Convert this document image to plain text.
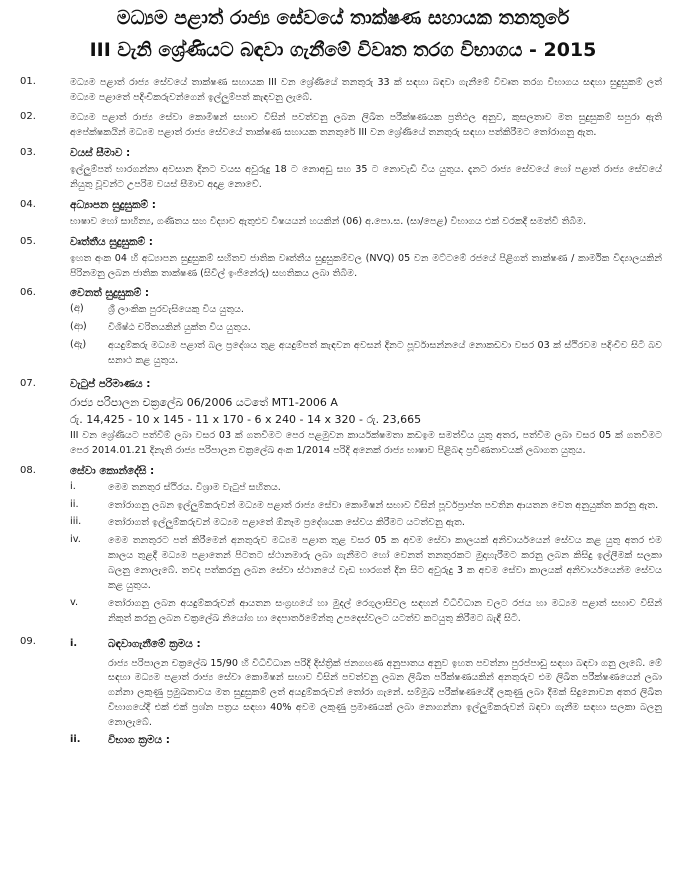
මධ්‍යම පළාත් රාජ්‍ය සේවයේ තාක්ෂණ සහායක තනතුරේ
III වැනි ශ්‍රේණියට බඳවා ගැනීමේ විවෘත තරග විභාගය - 2015
01.	මධ්‍යම පළාත් රාජ්‍ය සේවයේ තාක්ෂණ සහායක III වන ශ්‍රේණියේ තනතුරු 33 ක් සඳහා බඳවා ගැනීමේ විවෘත තරග විභාගය සඳහා සුදුසුකම් ලත් මධ්‍යම පළාතේ පදිංචිකරුවන්ගෙන් ඉල්ලුම්පත් කැඳවනු ලැබේ.
02.	මධ්‍යම පළාත් රාජ්‍ය සේවා කොමිෂන් සභාව විසින් පවත්වනු ලබන ලිඛිත පරීක්ෂණයක ප්‍රතිඵල අනුව, කුසලතාව මත සුදුසුකම් සපුරා ඇති අපේක්ෂකයින් මධ්‍යම පළාත් රාජ්‍ය සේවයේ තාක්ෂණ සහායක තනතුරේ III වන ශ්‍රේණියේ තනතුරු සඳහා පත්කිරීමට තෝරාගනු ඇත.
03.	වයස් සීමාව :
ඉල්ලුම්පත් භාරගන්නා අවසාන දිනට වයස අවුරුදු 18 ට නොඅඩු සහ 35 ට නොවැඩි විය යුතුය. දැනට රාජ්‍ය සේවයේ හෝ පළාත් රාජ්‍ය සේවයේ නියුතු වූවන්ට උපරිම වයස් සීමාව අදාළ නොවේ.
04.	අධ්‍යාපන සුදුසුකම් :
භාෂාව හෝ සාහිත්‍ය, ගණිතය සහ විද්‍යාව ඇතුළුව විෂයයන් හයකින් (06) අ.පො.ස. (සා/පෙළ) විභාගය එක් වරකදී සමත්වී තිබීම.
05.	වෘත්තීය සුදුසුකම් :
ඉහත අංක 04 හි අධ්‍යාපන සුදුසුකම් සහිතව ජාතික වෘත්තීය සුදුසුකම්වල (NVQ) 05 වන මට්ටමේ රජයේ පිළිගත් තාක්ෂණ / කාර්මික විද්‍යාලයකින් පිරිනමනු ලබන ජාතික තාක්ෂණ (සිවිල් ඉංජිනේරු) සහතිකය ලබා තිබීම.
06.	වෙනත් සුදුසුකම් :
(අ)	ශ්‍රී ලාංකික පුරවැසියෙකු විය යුතුය.
(ආ)	විශිෂ්ඨ චරිතයකින් යුක්ත විය යුතුය.
(ඇ)	අයදුම්කරු මධ්‍යම පළාත් බල ප්‍රදේශය තුළ අයදුම්පත් කැඳවන අවසන් දිනට පූර්වාසන්නයේ නොකඩවා වසර 03 ක් ස්ථිරවම පදිංචිව සිටි බව සනාථ කළ යුතුය.
07.	වැටුප් පරිමාණය :
රාජ්‍ය පරිපාලන චක්‍රලේඛ 06/2006 යටතේ MT1-2006 A
රු. 14,425 - 10 x 145 - 11 x 170 - 6 x 240 - 14 x 320 - රු. 23,665
III වන ශ්‍රේණියට පත්වීම් ලබා වසර 03 ක් ගතවීමට පෙර පළමුවන කාර්යක්ෂමතා කඩඉම සමත්විය යුතු අතර, පත්වීම ලබා වසර 05 ක් ගතවීමට පෙර 2014.01.21 දිනැති රාජ්‍ය පරිපාලන චක්‍රලේඛ අංක 1/2014 පරිදි අනෙක් රාජ්‍ය භාෂාව පිළිබඳ ප්‍රවීණතාවයක් ලබාගත යුතුය.
08.	සේවා කොන්දේසි :
i.	මෙම තනතුර ස්ථිරය. විශ්‍රාම වැටුප් සහිතය.
ii.	තෝරාගනු ලබන ඉල්ලුම්කරුවන් මධ්‍යම පළාත් රාජ්‍ය සේවා කොමිෂන් සභාව විසින් පූර්වප්‍රාප්ත පවතින ආයතන වෙත අනුයුක්ත කරනු ඇත.
iii.	තෝරාගත් ඉල්ලුම්කරුවන් මධ්‍යම පළාතේ ඕනෑම ප්‍රදේශයක සේවය කිරීමට යටත්වනු ඇත.
iv.	මෙම තනතුරට පත් කිරීමෙන් අනතුරුව මධ්‍යම පළාත තුළ වසර 05 ක අවම සේවා කාලයක් අනිවාර්යයෙන් සේවය කළ යුතු අතර එම කාලය තුළදී මධ්‍යම පළාතෙන් පිටතට ස්ථානමාරු ලබා ගැනීමට හෝ වෙනත් තනතුරකට මුදාහැරීමට කරනු ලබන කිසිදු ඉල්ලීමක් සලකා බලනු නොලැබේ. තවද පත්කරනු ලබන සේවා ස්ථානයේ වැඩ භාරගත් දින සිට අවුරුදු 3 ක අවම සේවා කාලයක් අනිවාර්යයෙන්ම සේවය කළ යුතුය.
v.	තෝරාගනු ලබන අයදුම්කරුවන් ආයතන සංග්‍රහයේ හා මුදල් රෙගුලාසිවල සඳහන් විධිවිධාන වලට රජය හා මධ්‍යම පළාත් සභාව විසින් නිකුත් කරනු ලබන චක්‍රලේඛ නියෝග හා දෙපාර්තමේන්තු උපදෙස්වලට යටත්ව කටයුතු කිරීමට බැඳී සිටී.
09.	i.	බඳවාගැනීමේ ක්‍රමය :
රාජ්‍ය පරිපාලන චක්‍රලේඛ 15/90 හි විධිවිධාන පරිදි දිස්ත්‍රික් ජනගහණ අනුපාතය අනුව ඉහත පවත්නා පුරප්පාඩු සඳහා බඳවා ගනු ලැබේ. මේ සඳහා මධ්‍යම පළාත් රාජ්‍ය සේවා කොමිෂන් සභාව විසින් පවත්වනු ලබන ලිඛිත පරීක්ෂණයකින් අනතුරුව එම ලිඛිත පරීක්ෂණයෙන් ලබා ගන්නා ලකුණු ප්‍රමුඛතාවය මත සුදුසුකම් ලත් අයදුම්කරුවන් තෝරා ගැනේ. සම්මුඛ පරීක්ෂණයේදී ලකුණු ලබා දීමක් සිදුනොවන අතර ලිඛිත විභාගයේදී එක් එක් ප්‍රශ්න පත්‍රය සඳහා 40% අවම ලකුණු ප්‍රමාණයක් ලබා නොගන්නා ඉල්ලුම්කරුවන් බඳවා ගැනීම සඳහා සලකා බලනු නොලැබේ.
ii.	විභාග ක්‍රමය :
